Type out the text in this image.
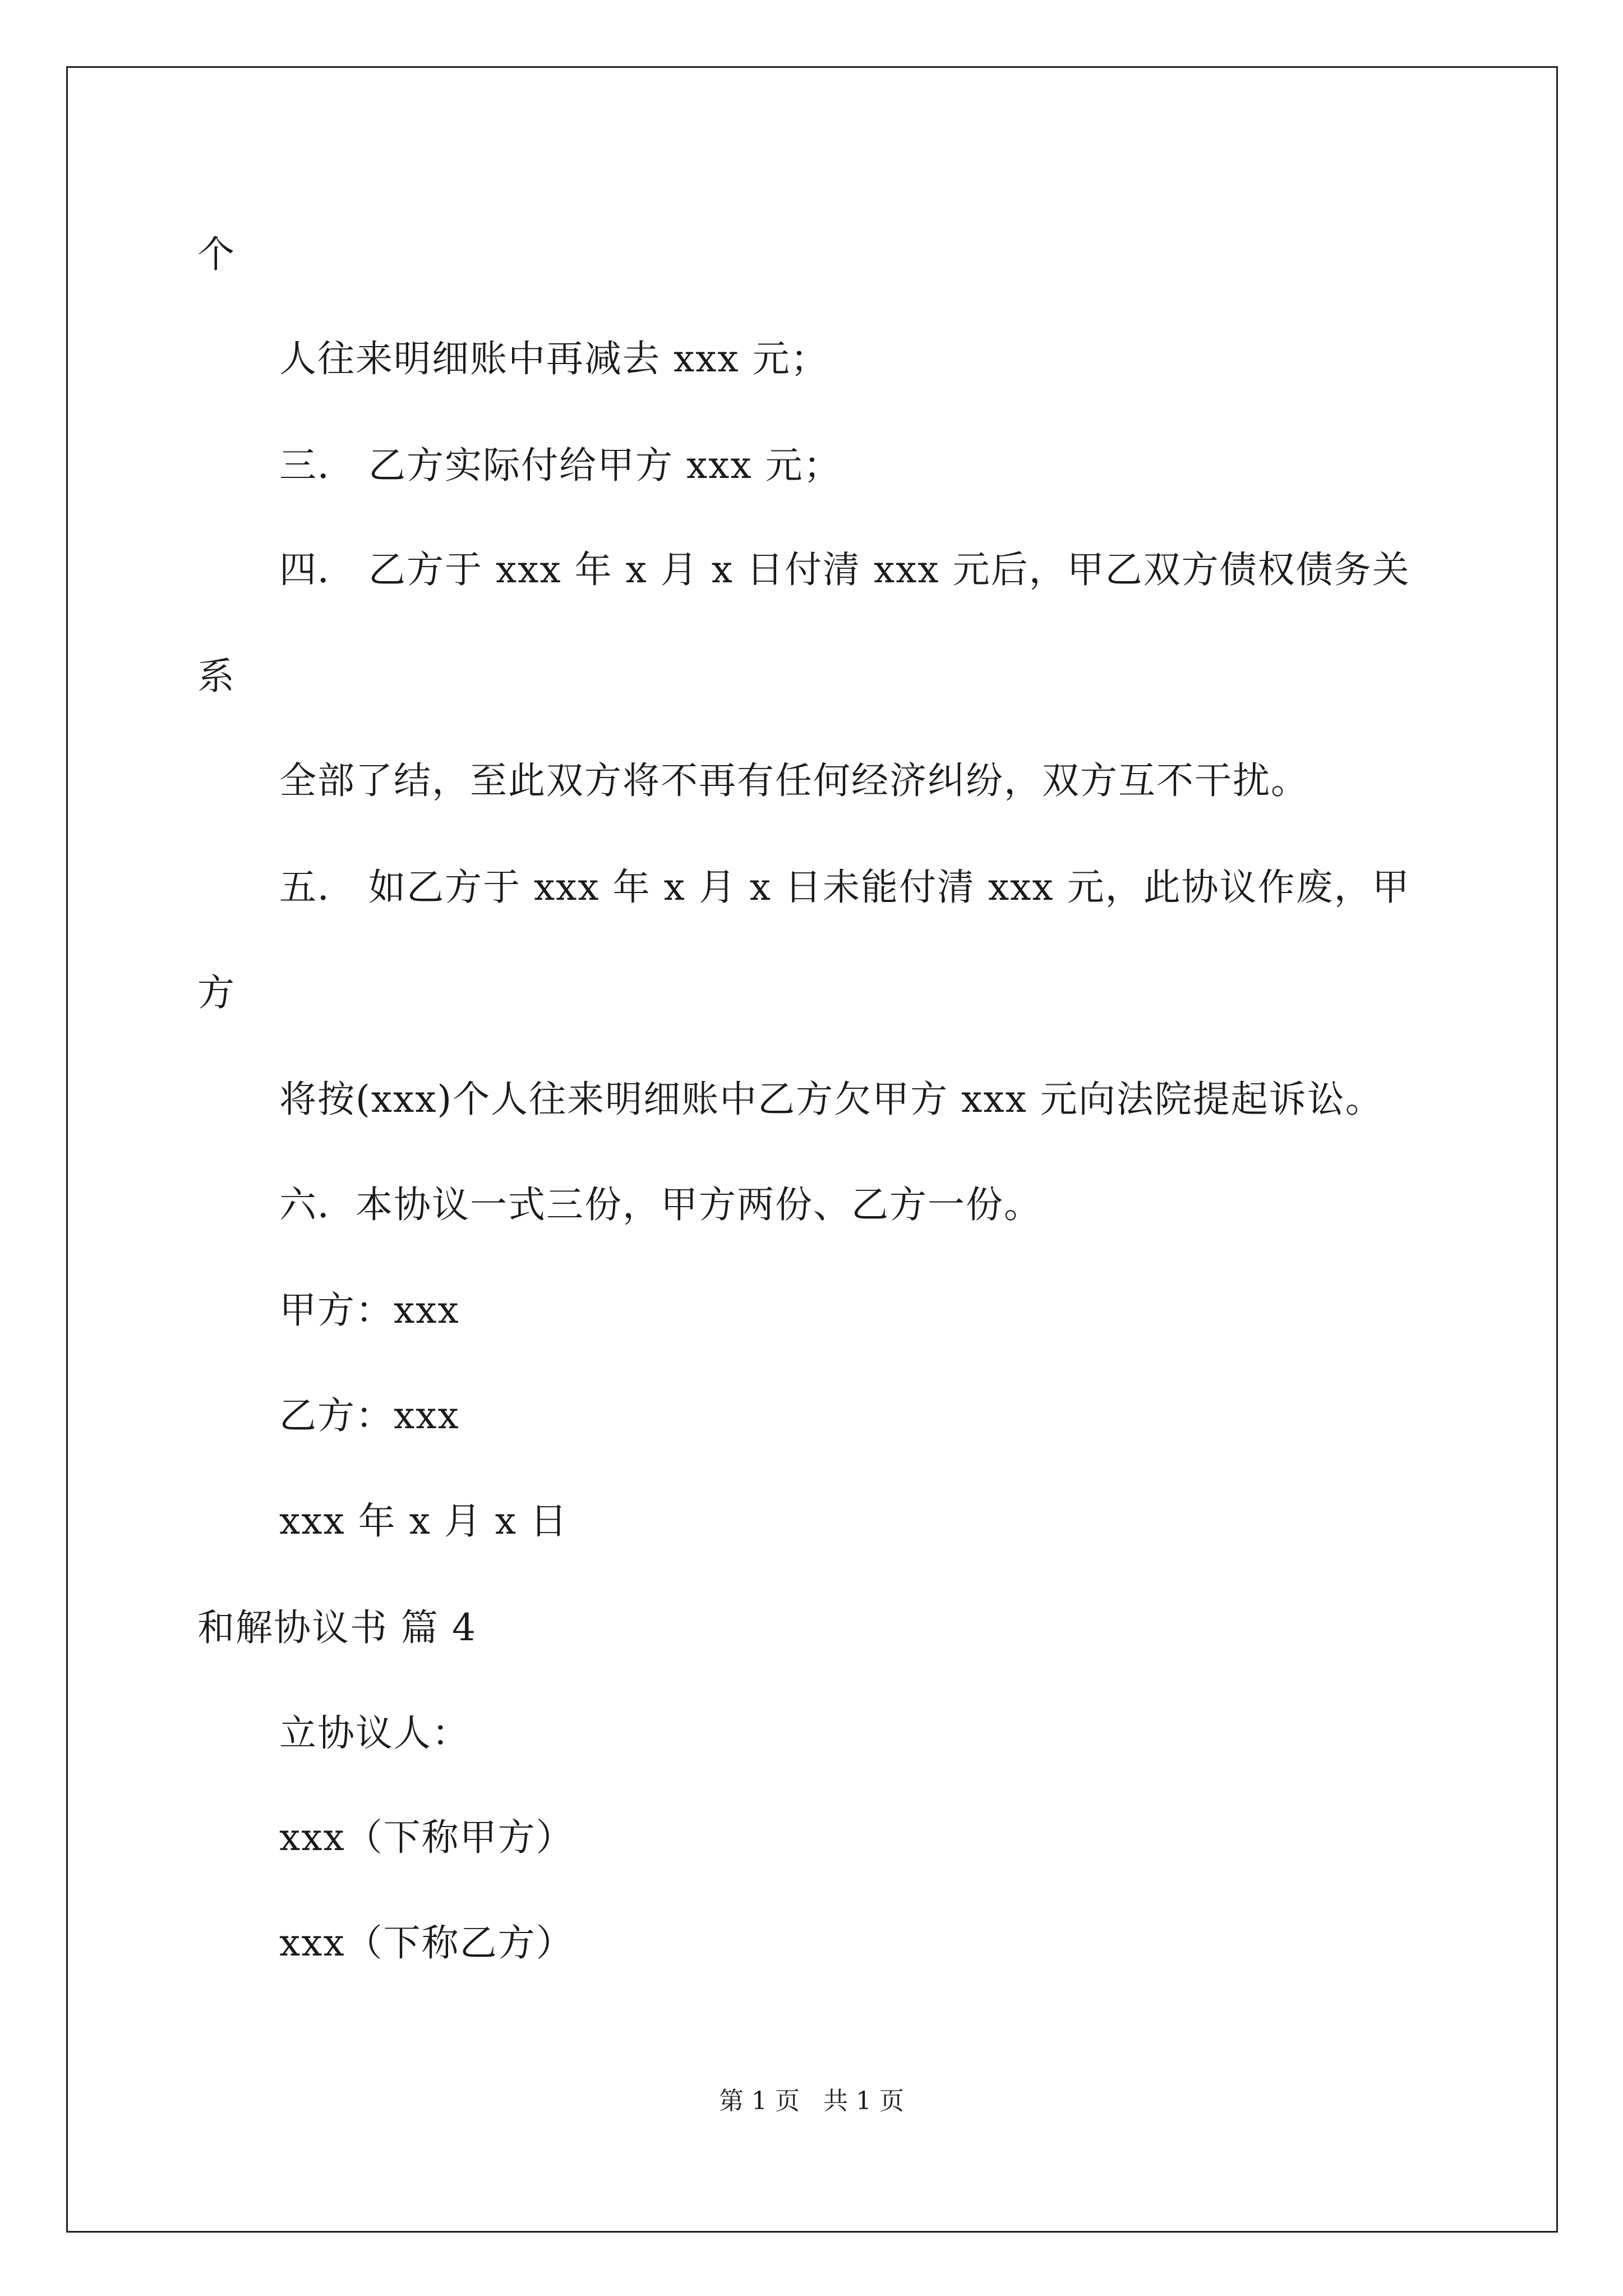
个
人往来明细账中再减去 xxx 元；
三． 乙方实际付给甲方 xxx 元；
四． 乙方于 xxx 年 x 月 x 日付清 xxx 元后，甲乙双方债权债务关
系
全部了结，至此双方将不再有任何经济纠纷，双方互不干扰。
五． 如乙方于 xxx 年 x 月 x 日未能付清 xxx 元，此协议作废，甲
方
将按(xxx)个人往来明细账中乙方欠甲方 xxx 元向法院提起诉讼。
六．本协议一式三份，甲方两份、乙方一份。
甲方：xxx
乙方：xxx
xxx 年 x 月 x 日
和解协议书 篇 4
立协议人：
xxx（下称甲方）
xxx（下称乙方）
第 1 页   共 1 页
